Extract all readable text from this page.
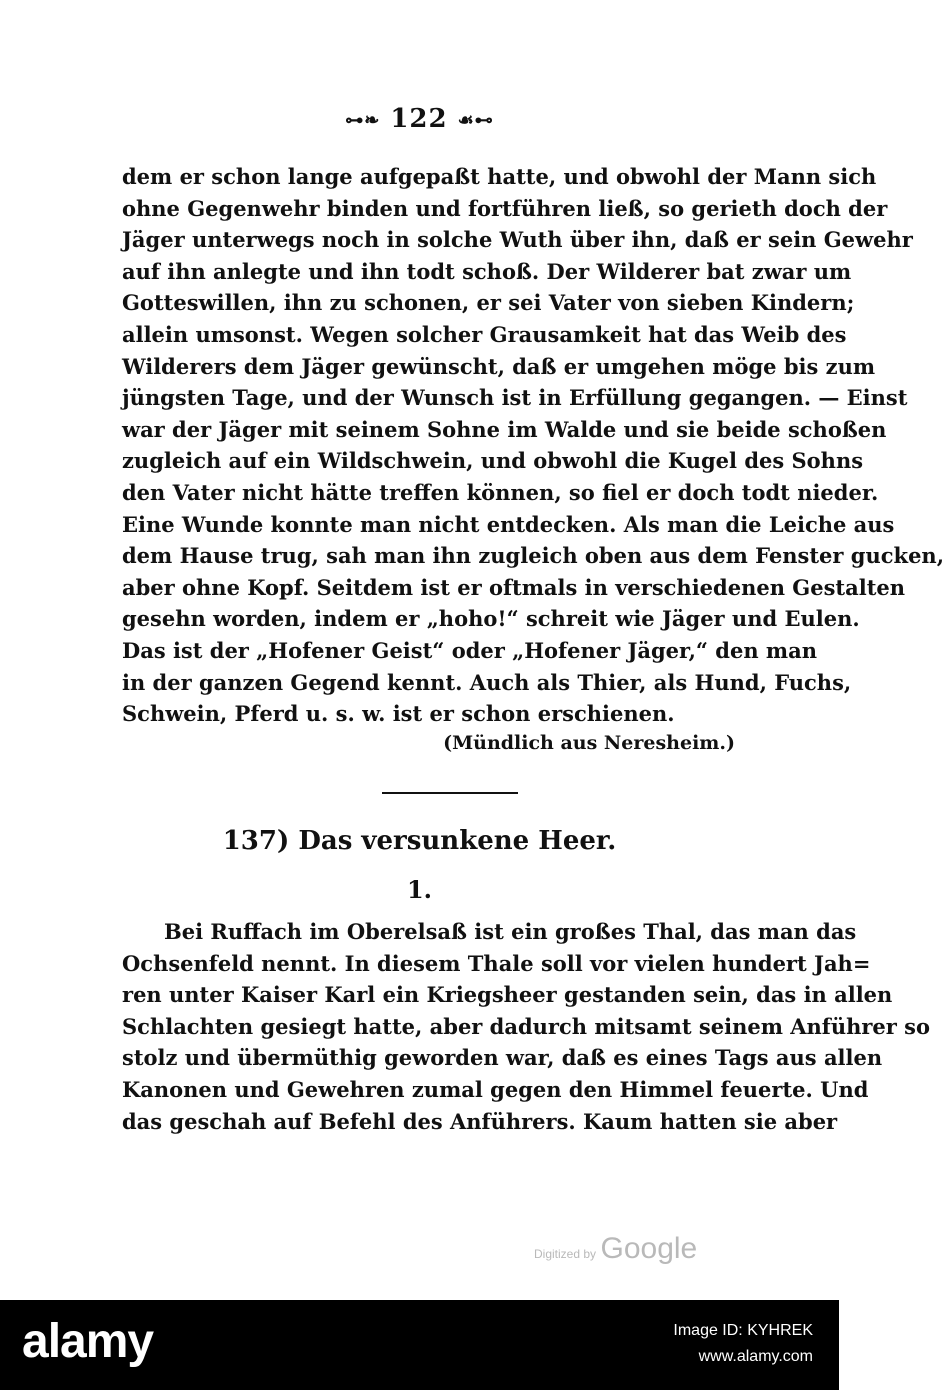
⊶❧ 122 ☙⊷
dem er schon lange aufgepaßt hatte, und obwohl der Mann sich
ohne Gegenwehr binden und fortführen ließ, so gerieth doch der
Jäger unterwegs noch in solche Wuth über ihn, daß er sein Gewehr
auf ihn anlegte und ihn todt schoß. Der Wilderer bat zwar um
Gotteswillen, ihn zu schonen, er sei Vater von sieben Kindern;
allein umsonst. Wegen solcher Grausamkeit hat das Weib des
Wilderers dem Jäger gewünscht, daß er umgehen möge bis zum
jüngsten Tage, und der Wunsch ist in Erfüllung gegangen. — Einst
war der Jäger mit seinem Sohne im Walde und sie beide schoßen
zugleich auf ein Wildschwein, und obwohl die Kugel des Sohns
den Vater nicht hätte treffen können, so fiel er doch todt nieder.
Eine Wunde konnte man nicht entdecken. Als man die Leiche aus
dem Hause trug, sah man ihn zugleich oben aus dem Fenster gucken,
aber ohne Kopf. Seitdem ist er oftmals in verschiedenen Gestalten
gesehn worden, indem er „hoho!“ schreit wie Jäger und Eulen.
Das ist der „Hofener Geist“ oder „Hofener Jäger,“ den man
in der ganzen Gegend kennt. Auch als Thier, als Hund, Fuchs,
Schwein, Pferd u. s. w. ist er schon erschienen.
(Mündlich aus Neresheim.)
137) Das versunkene Heer.
1.
Bei Ruffach im Oberelsaß ist ein großes Thal, das man das
Ochsenfeld nennt. In diesem Thale soll vor vielen hundert Jah=
ren unter Kaiser Karl ein Kriegsheer gestanden sein, das in allen
Schlachten gesiegt hatte, aber dadurch mitsamt seinem Anführer so
stolz und übermüthig geworden war, daß es eines Tags aus allen
Kanonen und Gewehren zumal gegen den Himmel feuerte. Und
das geschah auf Befehl des Anführers. Kaum hatten sie aber
Digitized by Google
alamy	Image ID: KYHREK
www.alamy.com
